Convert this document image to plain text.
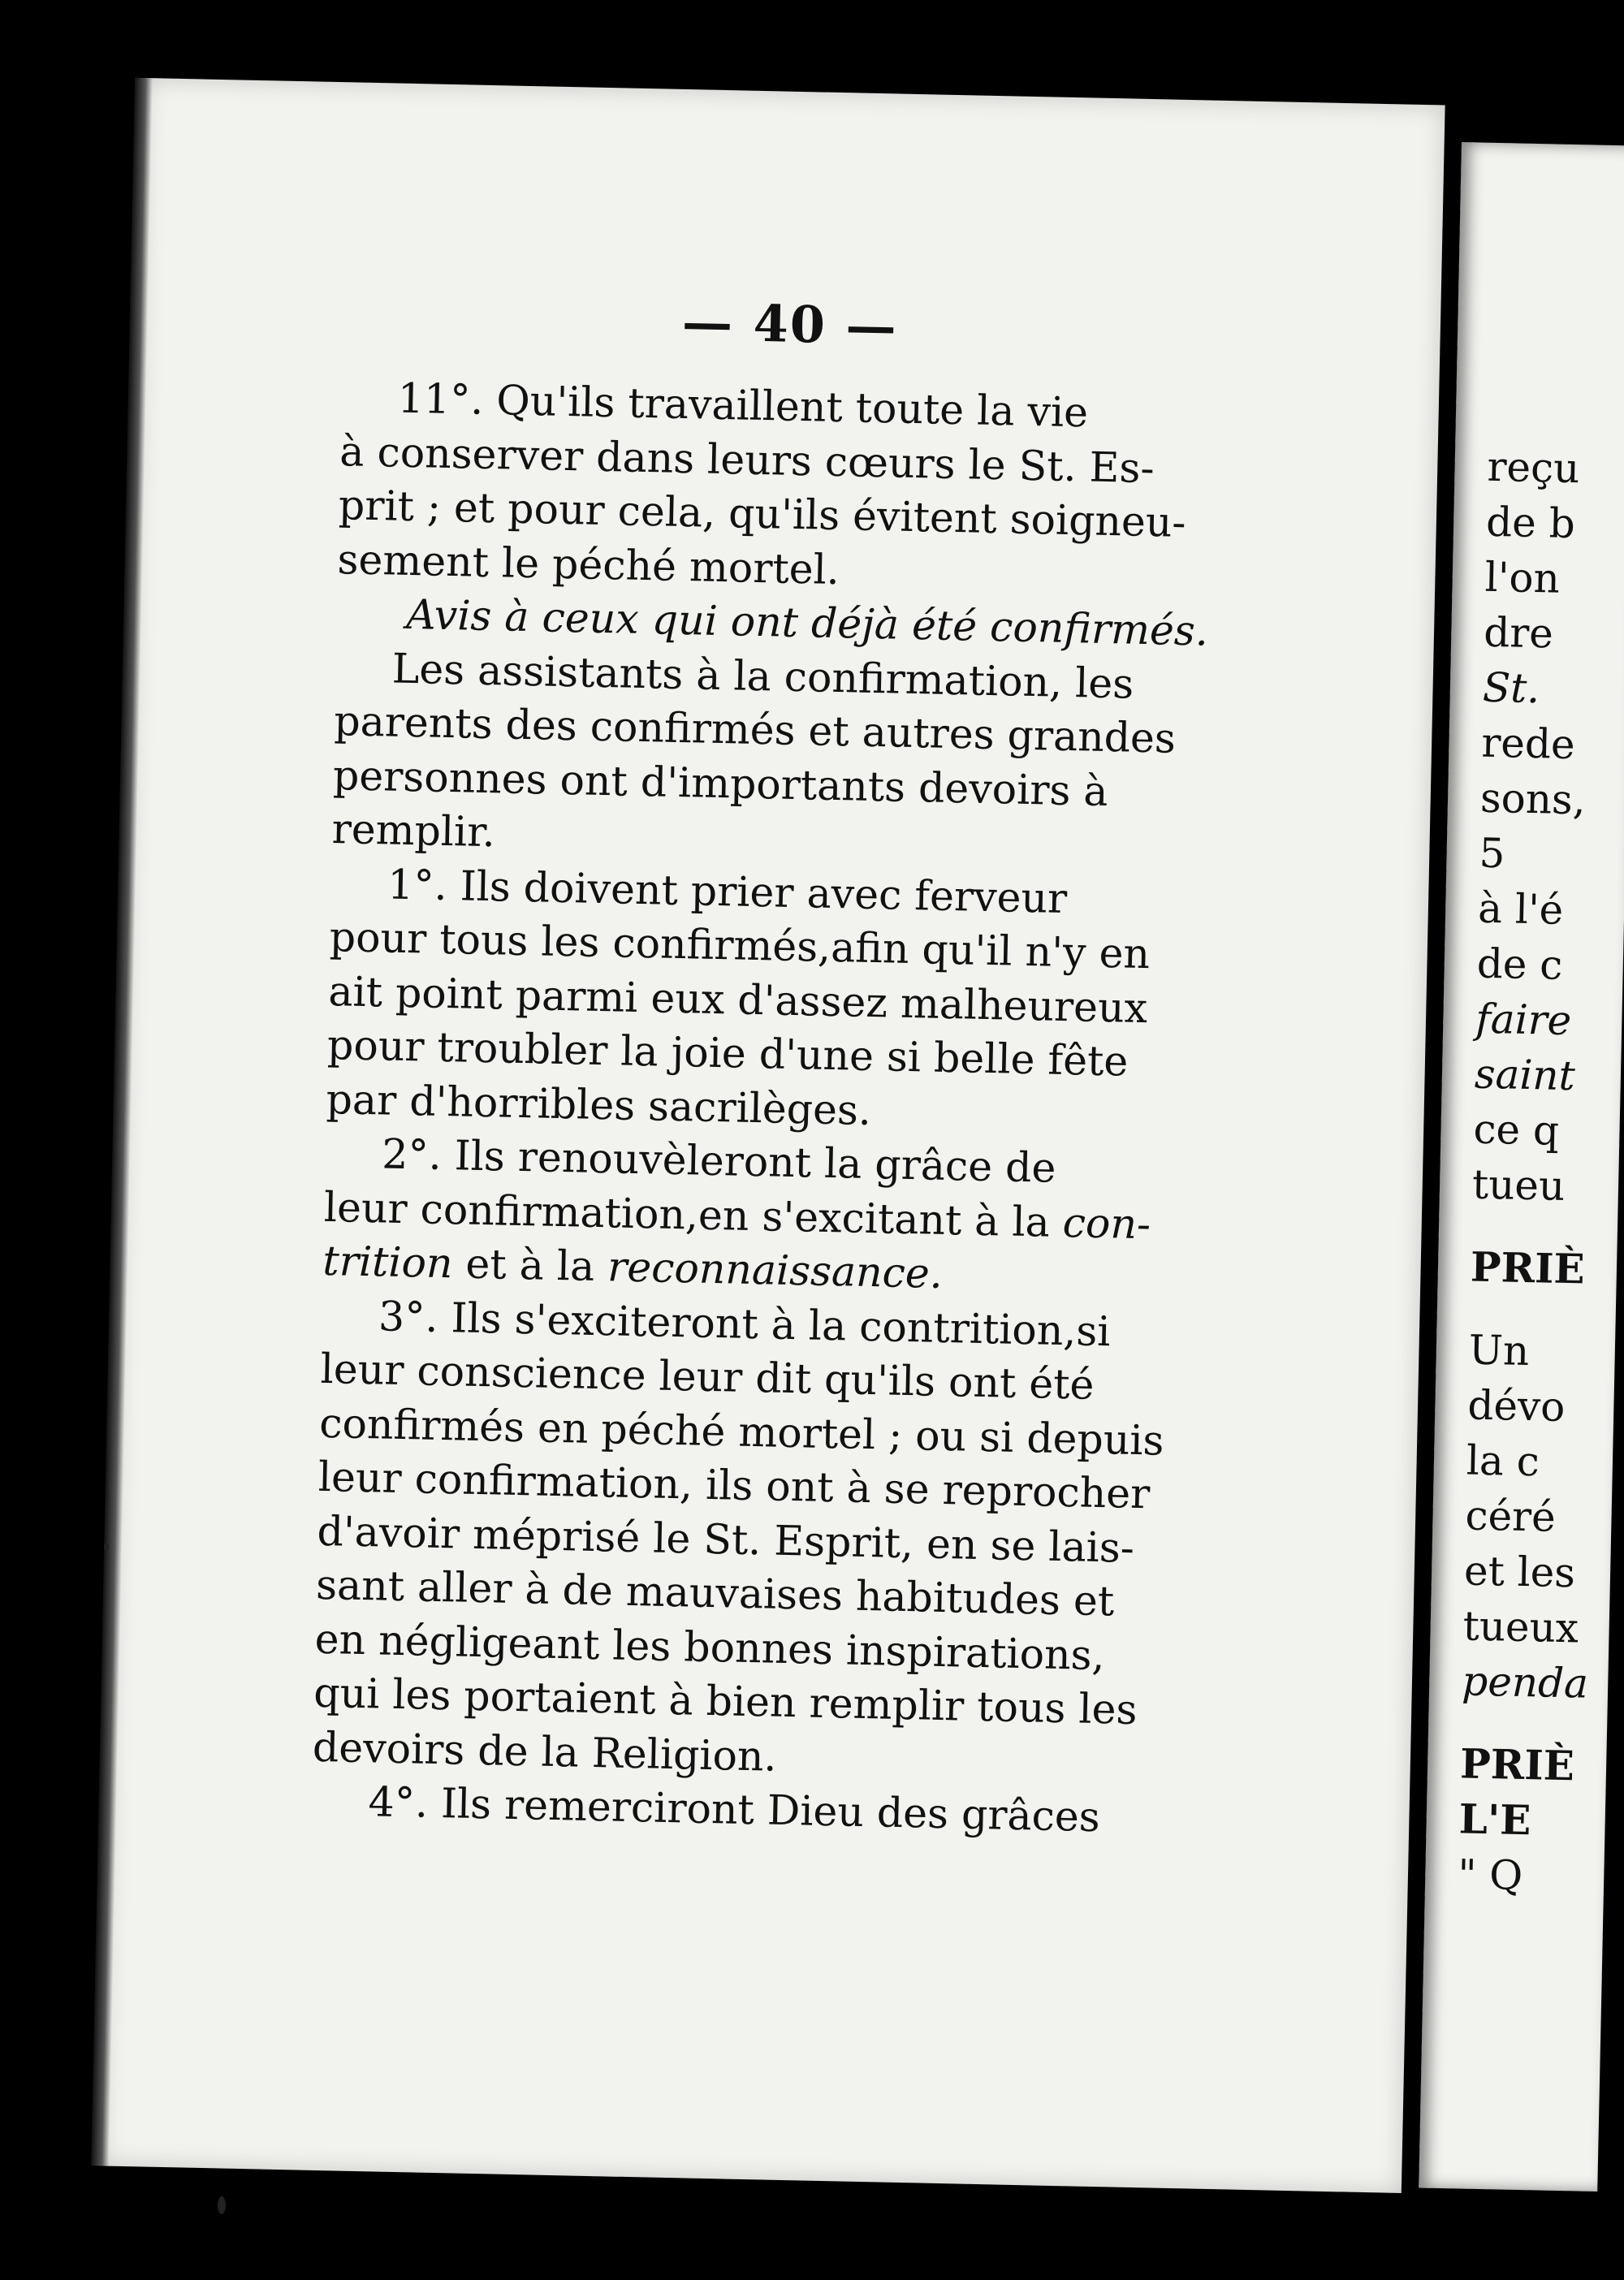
— 40 —

11°. Qu'ils travaillent toute la vie
à conserver dans leurs cœurs le St. Es-
prit ; et pour cela, qu'ils évitent soigneu-
sement le péché mortel.

Avis à ceux qui ont déjà été confirmés.

Les assistants à la confirmation, les
parents des confirmés et autres grandes
personnes ont d'importants devoirs à
remplir.

1°. Ils doivent prier avec ferveur
pour tous les confirmés,afin qu'il n'y en
ait point parmi eux d'assez malheureux
pour troubler la joie d'une si belle fête
par d'horribles sacrilèges.

2°. Ils renouvèleront la grâce de
leur confirmation,en s'excitant à la con-
trition et à la reconnaissance.

3°. Ils s'exciteront à la contrition,si
leur conscience leur dit qu'ils ont été
confirmés en péché mortel ; ou si depuis
leur confirmation, ils ont à se reprocher
d'avoir méprisé le St. Esprit, en se lais-
sant aller à de mauvaises habitudes et
en négligeant les bonnes inspirations,
qui les portaient à bien remplir tous les
devoirs de la Religion.

4°. Ils remerciront Dieu des grâces

reçu
de b
l'on
dre
St.
rede
sons,
5
à l'é
de c
faire
saint
ce q
tueu
PRIÈ
Un
dévo
la c
céré
et les
tueux
penda
PRIÈ
L'E
" Q
